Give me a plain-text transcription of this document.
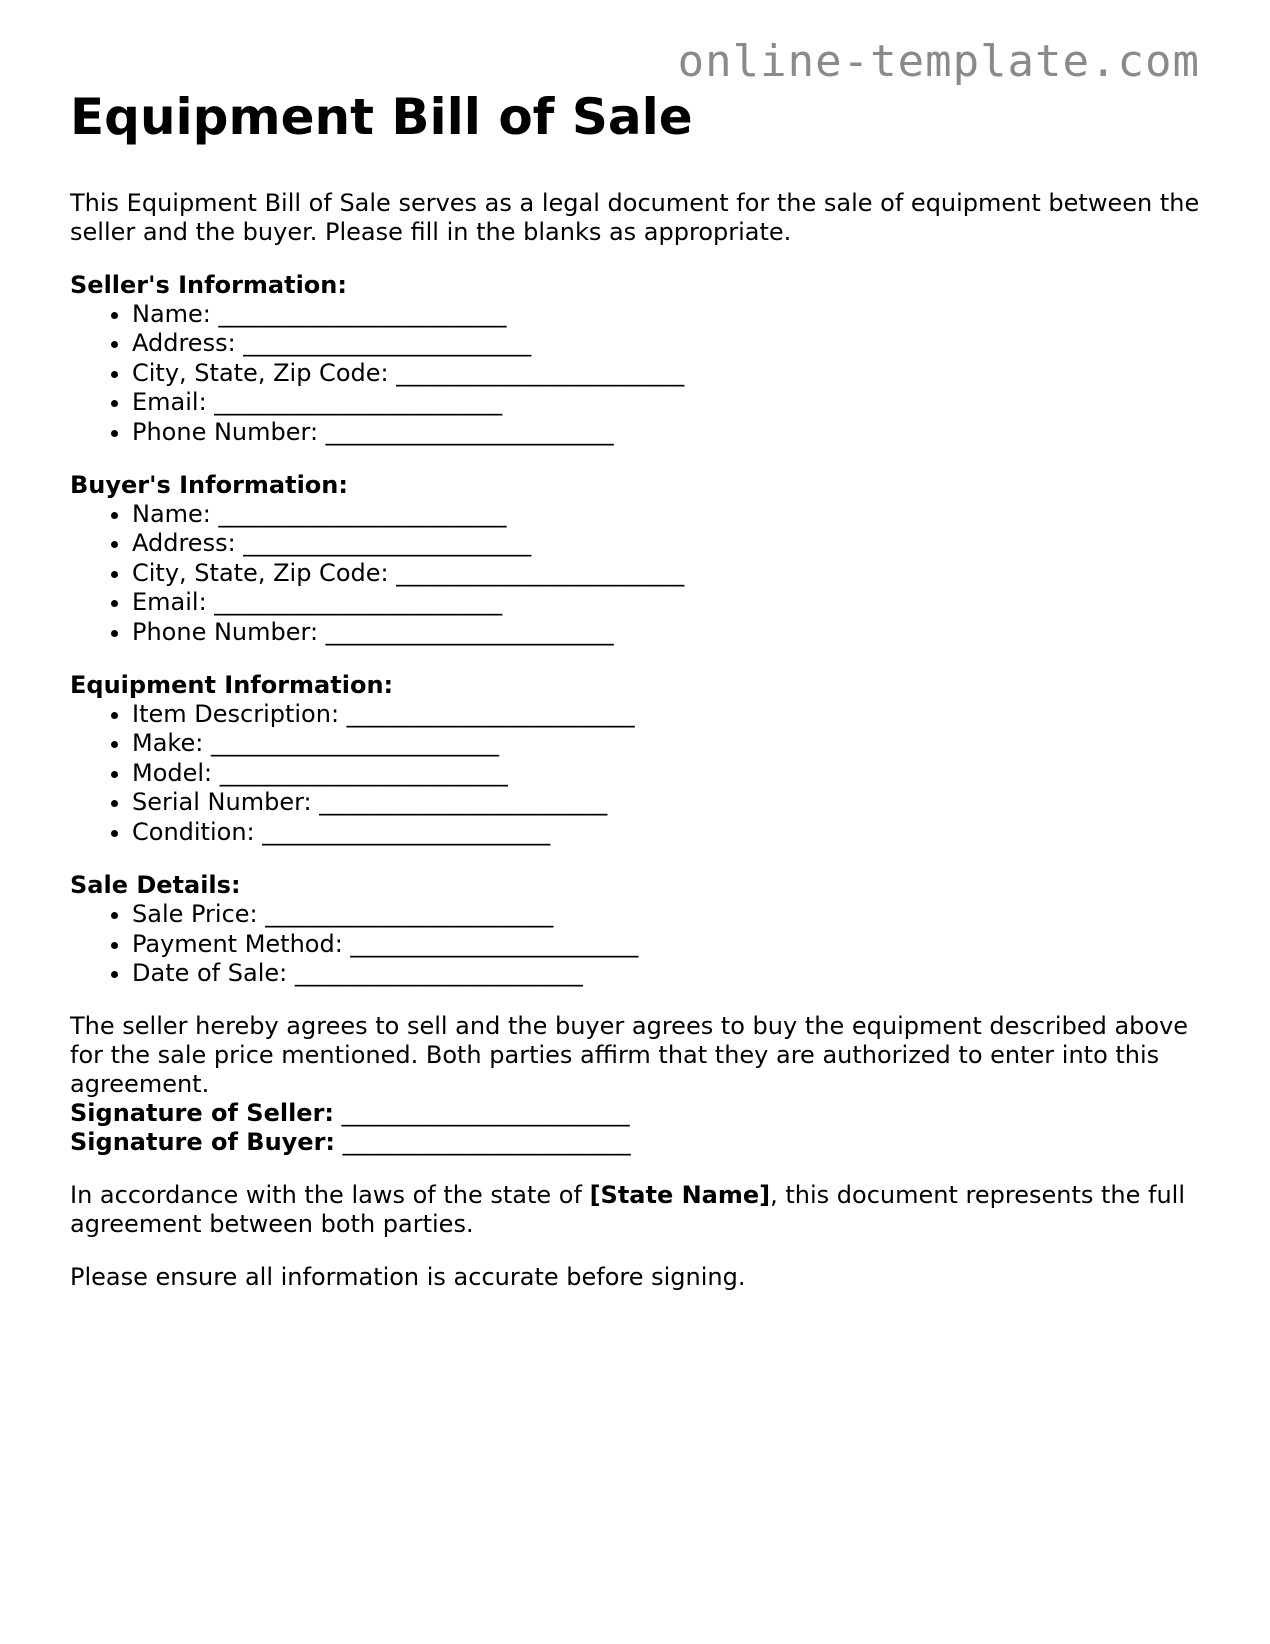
online-template.com
Equipment Bill of Sale

This Equipment Bill of Sale serves as a legal document for the sale of equipment between the seller and the buyer. Please fill in the blanks as appropriate.

Seller's Information:

• Name: ________________________
• Address: ________________________
• City, State, Zip Code: ________________________
• Email: ________________________
• Phone Number: ________________________

Buyer's Information:

• Name: ________________________
• Address: ________________________
• City, State, Zip Code: ________________________
• Email: ________________________
• Phone Number: ________________________

Equipment Information:

• Item Description: ________________________
• Make: ________________________
• Model: ________________________
• Serial Number: ________________________
• Condition: ________________________

Sale Details:

• Sale Price: ________________________
• Payment Method: ________________________
• Date of Sale: ________________________

The seller hereby agrees to sell and the buyer agrees to buy the equipment described above for the sale price mentioned. Both parties affirm that they are authorized to enter into this agreement.

Signature of Seller: ________________________

Signature of Buyer: ________________________

In accordance with the laws of the state of [State Name], this document represents the full agreement between both parties.

Please ensure all information is accurate before signing.
